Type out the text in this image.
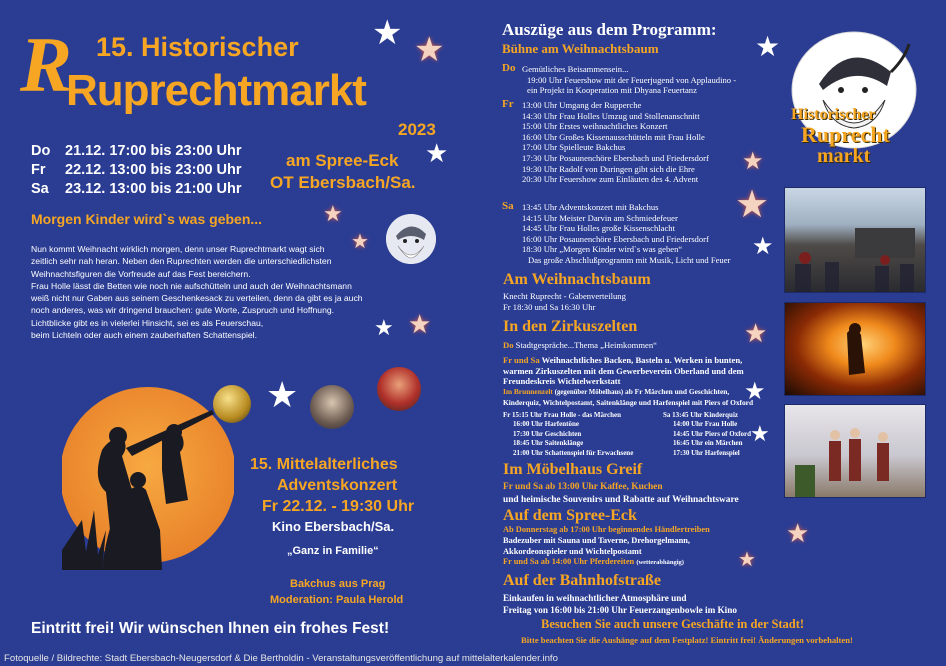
R 15. Historischer
Ruprechtmarkt
2023
Do 21.12. 17:00 bis 23:00 Uhr
Fr 22.12. 13:00 bis 23:00 Uhr
Sa 23.12. 13:00 bis 21:00 Uhr
am Spree-Eck
OT Ebersbach/Sa.
Morgen Kinder wird`s was geben...
Nun kommt Weihnacht wirklich morgen, denn unser Ruprechtmarkt wagt sich
zeitlich sehr nah heran. Neben den Ruprechten werden die unterschiedlichsten
Weihnachtsfiguren die Vorfreude auf das Fest bereichern.
Frau Holle lässt die Betten wie noch nie aufschütteln und auch der Weihnachtsmann
weiß nicht nur Gaben aus seinem Geschenkesack zu verteilen, denn da gibt es ja auch
noch anderes, was wir dringend brauchen: gute Worte, Zuspruch und Hoffnung.
Lichtblicke gibt es in vielerlei Hinsicht, sei es als Feuerschau,
beim Lichteln oder auch einem zauberhaften Schattenspiel.
15. Mittelalterliches
Adventskonzert
Fr 22.12. - 19:30 Uhr
Kino Ebersbach/Sa.
„Ganz in Familie“
Bakchus aus Prag
Moderation: Paula Herold
Eintritt frei! Wir wünschen Ihnen ein frohes Fest!
★ ★
★
★
★
★ ★
★
Auszüge aus dem Programm:
Bühne am Weihnachtsbaum
Do Gemütliches Beisammensein...
19:00 Uhr Feuershow mit der Feuerjugend von Applaudino -
ein Projekt in Kooperation mit Dhyana Feuertanz
Fr 13:00 Uhr Umgang der Rupperche
14:30 Uhr Frau Holles Umzug und Stollenanschnitt
15:00 Uhr Erstes weihnachtliches Konzert
16:00 Uhr Großes Kissenausschütteln mit Frau Holle
17:00 Uhr Spielleute Bakchus
17:30 Uhr Posaunenchöre Ebersbach und Friedersdorf
19:30 Uhr Radolf von Duringen gibt sich die Ehre
20:30 Uhr Feuershow zum Einläuten des 4. Advent
Sa 13:45 Uhr Adventskonzert mit Bakchus
14:15 Uhr Meister Darvin am Schmiedefeuer
14:45 Uhr Frau Holles große Kissenschlacht
16:00 Uhr Posaunenchöre Ebersbach und Friedersdorf
18:30 Uhr „Morgen Kinder wird`s was geben“
Das große Abschlußprogramm mit Musik, Licht und Feuer
Am Weihnachtsbaum
Knecht Ruprecht - Gabenverteilung
Fr 18:30 und Sa 16:30 Uhr
In den Zirkuszelten
Do Stadtgespräche...Thema „Heimkommen“
Fr und Sa Weihnachtliches Backen, Basteln u. Werken in bunten,
warmen Zirkuszelten mit dem Gewerbeverein Oberland und dem
Freundeskreis Wichtelwerkstatt
Im Brunnenzelt (gegenüber Möbelhaus) ab Fr Märchen und Geschichten,
Kinderquiz, Wichtelpostamt, Saitenklänge und Harfenspiel mit Piers of Oxford
Fr 15:15 Uhr Frau Holle - das Märchen
16:00 Uhr Harfentöne
17:30 Uhr Geschichten
18:45 Uhr Saitenklänge
21:00 Uhr Schattenspiel für Erwachsene
Sa 13:45 Uhr Kinderquiz
14:00 Uhr Frau Holle
14:45 Uhr Piers of Oxford
16:45 Uhr ein Märchen
17:30 Uhr Harfenspiel
Im Möbelhaus Greif
Fr und Sa ab 13:00 Uhr Kaffee, Kuchen
und heimische Souvenirs und Rabatte auf Weihnachtsware
Auf dem Spree-Eck
Ab Donnerstag ab 17:00 Uhr beginnendes Händlertreiben
Badezuber mit Sauna und Taverne, Drehorgelmann,
Akkordeonspieler und Wichtelpostamt
Fr und Sa ab 14:00 Uhr Pferdereiten (wetterabhängig)
Auf der Bahnhofstraße
Einkaufen in weihnachtlicher Atmosphäre und
Freitag von 16:00 bis 21:00 Uhr Feuerzangenbowle im Kino
Besuchen Sie auch unsere Geschäfte in der Stadt!
Bitte beachten Sie die Aushänge auf dem Festplatz! Eintritt frei! Änderungen vorbehalten!
Historischer
Ruprecht
markt
★
★
★
★
★
★
★
★
★
Fotoquelle / Bildrechte: Stadt Ebersbach-Neugersdorf & Die Bertholdin - Veranstaltungsveröffentlichung auf mittelalterkalender.info
